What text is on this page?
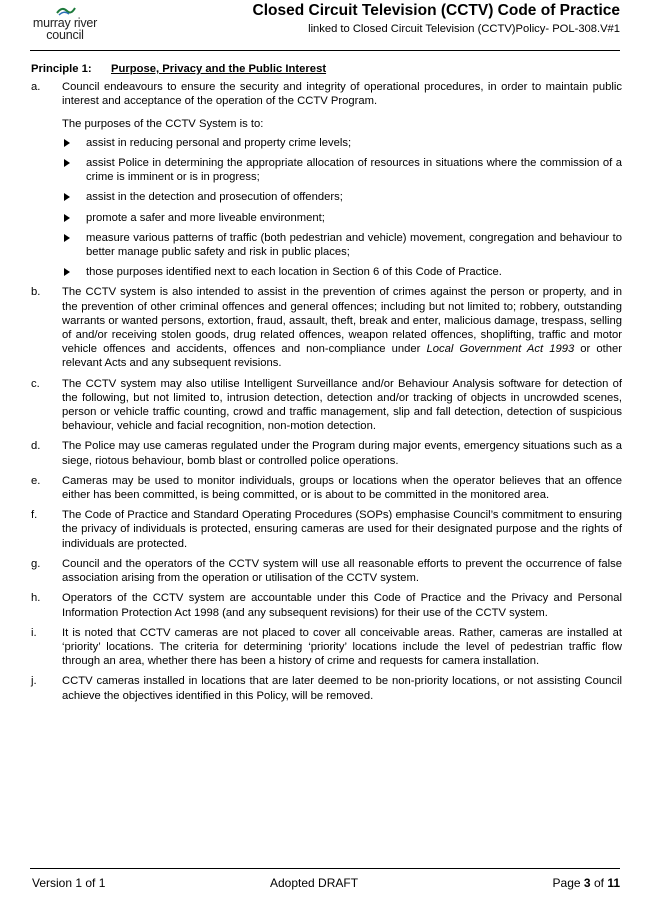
murray river
council
Closed Circuit Television (CCTV) Code of Practice
linked to Closed Circuit Television (CCTV)Policy- POL-308.V#1
Principle 1: Purpose, Privacy and the Public Interest
a. Council endeavours to ensure the security and integrity of operational procedures, in order to maintain public interest and acceptance of the operation of the CCTV Program.

The purposes of the CCTV System is to:

assist in reducing personal and property crime levels;
assist Police in determining the appropriate allocation of resources in situations where the commission of a crime is imminent or is in progress;
assist in the detection and prosecution of offenders;
promote a safer and more liveable environment;
measure various patterns of traffic (both pedestrian and vehicle) movement, congregation and behaviour to better manage public safety and risk in public places;
those purposes identified next to each location in Section 6 of this Code of Practice.
b. The CCTV system is also intended to assist in the prevention of crimes against the person or property, and in the prevention of other criminal offences and general offences; including but not limited to; robbery, outstanding warrants or wanted persons, extortion, fraud, assault, theft, break and enter, malicious damage, trespass, selling of and/or receiving stolen goods, drug related offences, weapon related offences, shoplifting, traffic and motor vehicle offences and accidents, offences and non-compliance under Local Government Act 1993 or other relevant Acts and any subsequent revisions.

c. The CCTV system may also utilise Intelligent Surveillance and/or Behaviour Analysis software for detection of the following, but not limited to, intrusion detection, detection and/or tracking of objects in uncrowded scenes, person or vehicle traffic counting, crowd and traffic management, slip and fall detection, detection of suspicious behaviour, vehicle and facial recognition, non-motion detection.

d. The Police may use cameras regulated under the Program during major events, emergency situations such as a siege, riotous behaviour, bomb blast or controlled police operations.

e. Cameras may be used to monitor individuals, groups or locations when the operator believes that an offence either has been committed, is being committed, or is about to be committed in the monitored area.

f. The Code of Practice and Standard Operating Procedures (SOPs) emphasise Council’s commitment to ensuring the privacy of individuals is protected, ensuring cameras are used for their designated purpose and the rights of individuals are protected.

g. Council and the operators of the CCTV system will use all reasonable efforts to prevent the occurrence of false association arising from the operation or utilisation of the CCTV system.

h. Operators of the CCTV system are accountable under this Code of Practice and the Privacy and Personal Information Protection Act 1998 (and any subsequent revisions) for their use of the CCTV system.

i. It is noted that CCTV cameras are not placed to cover all conceivable areas. Rather, cameras are installed at ‘priority’ locations. The criteria for determining ‘priority’ locations include the level of pedestrian traffic flow through an area, whether there has been a history of crime and requests for camera installation.

j. CCTV cameras installed in locations that are later deemed to be non-priority locations, or not assisting Council achieve the objectives identified in this Policy, will be removed.

Version 1 of 1	Adopted DRAFT	Page 3 of 11
